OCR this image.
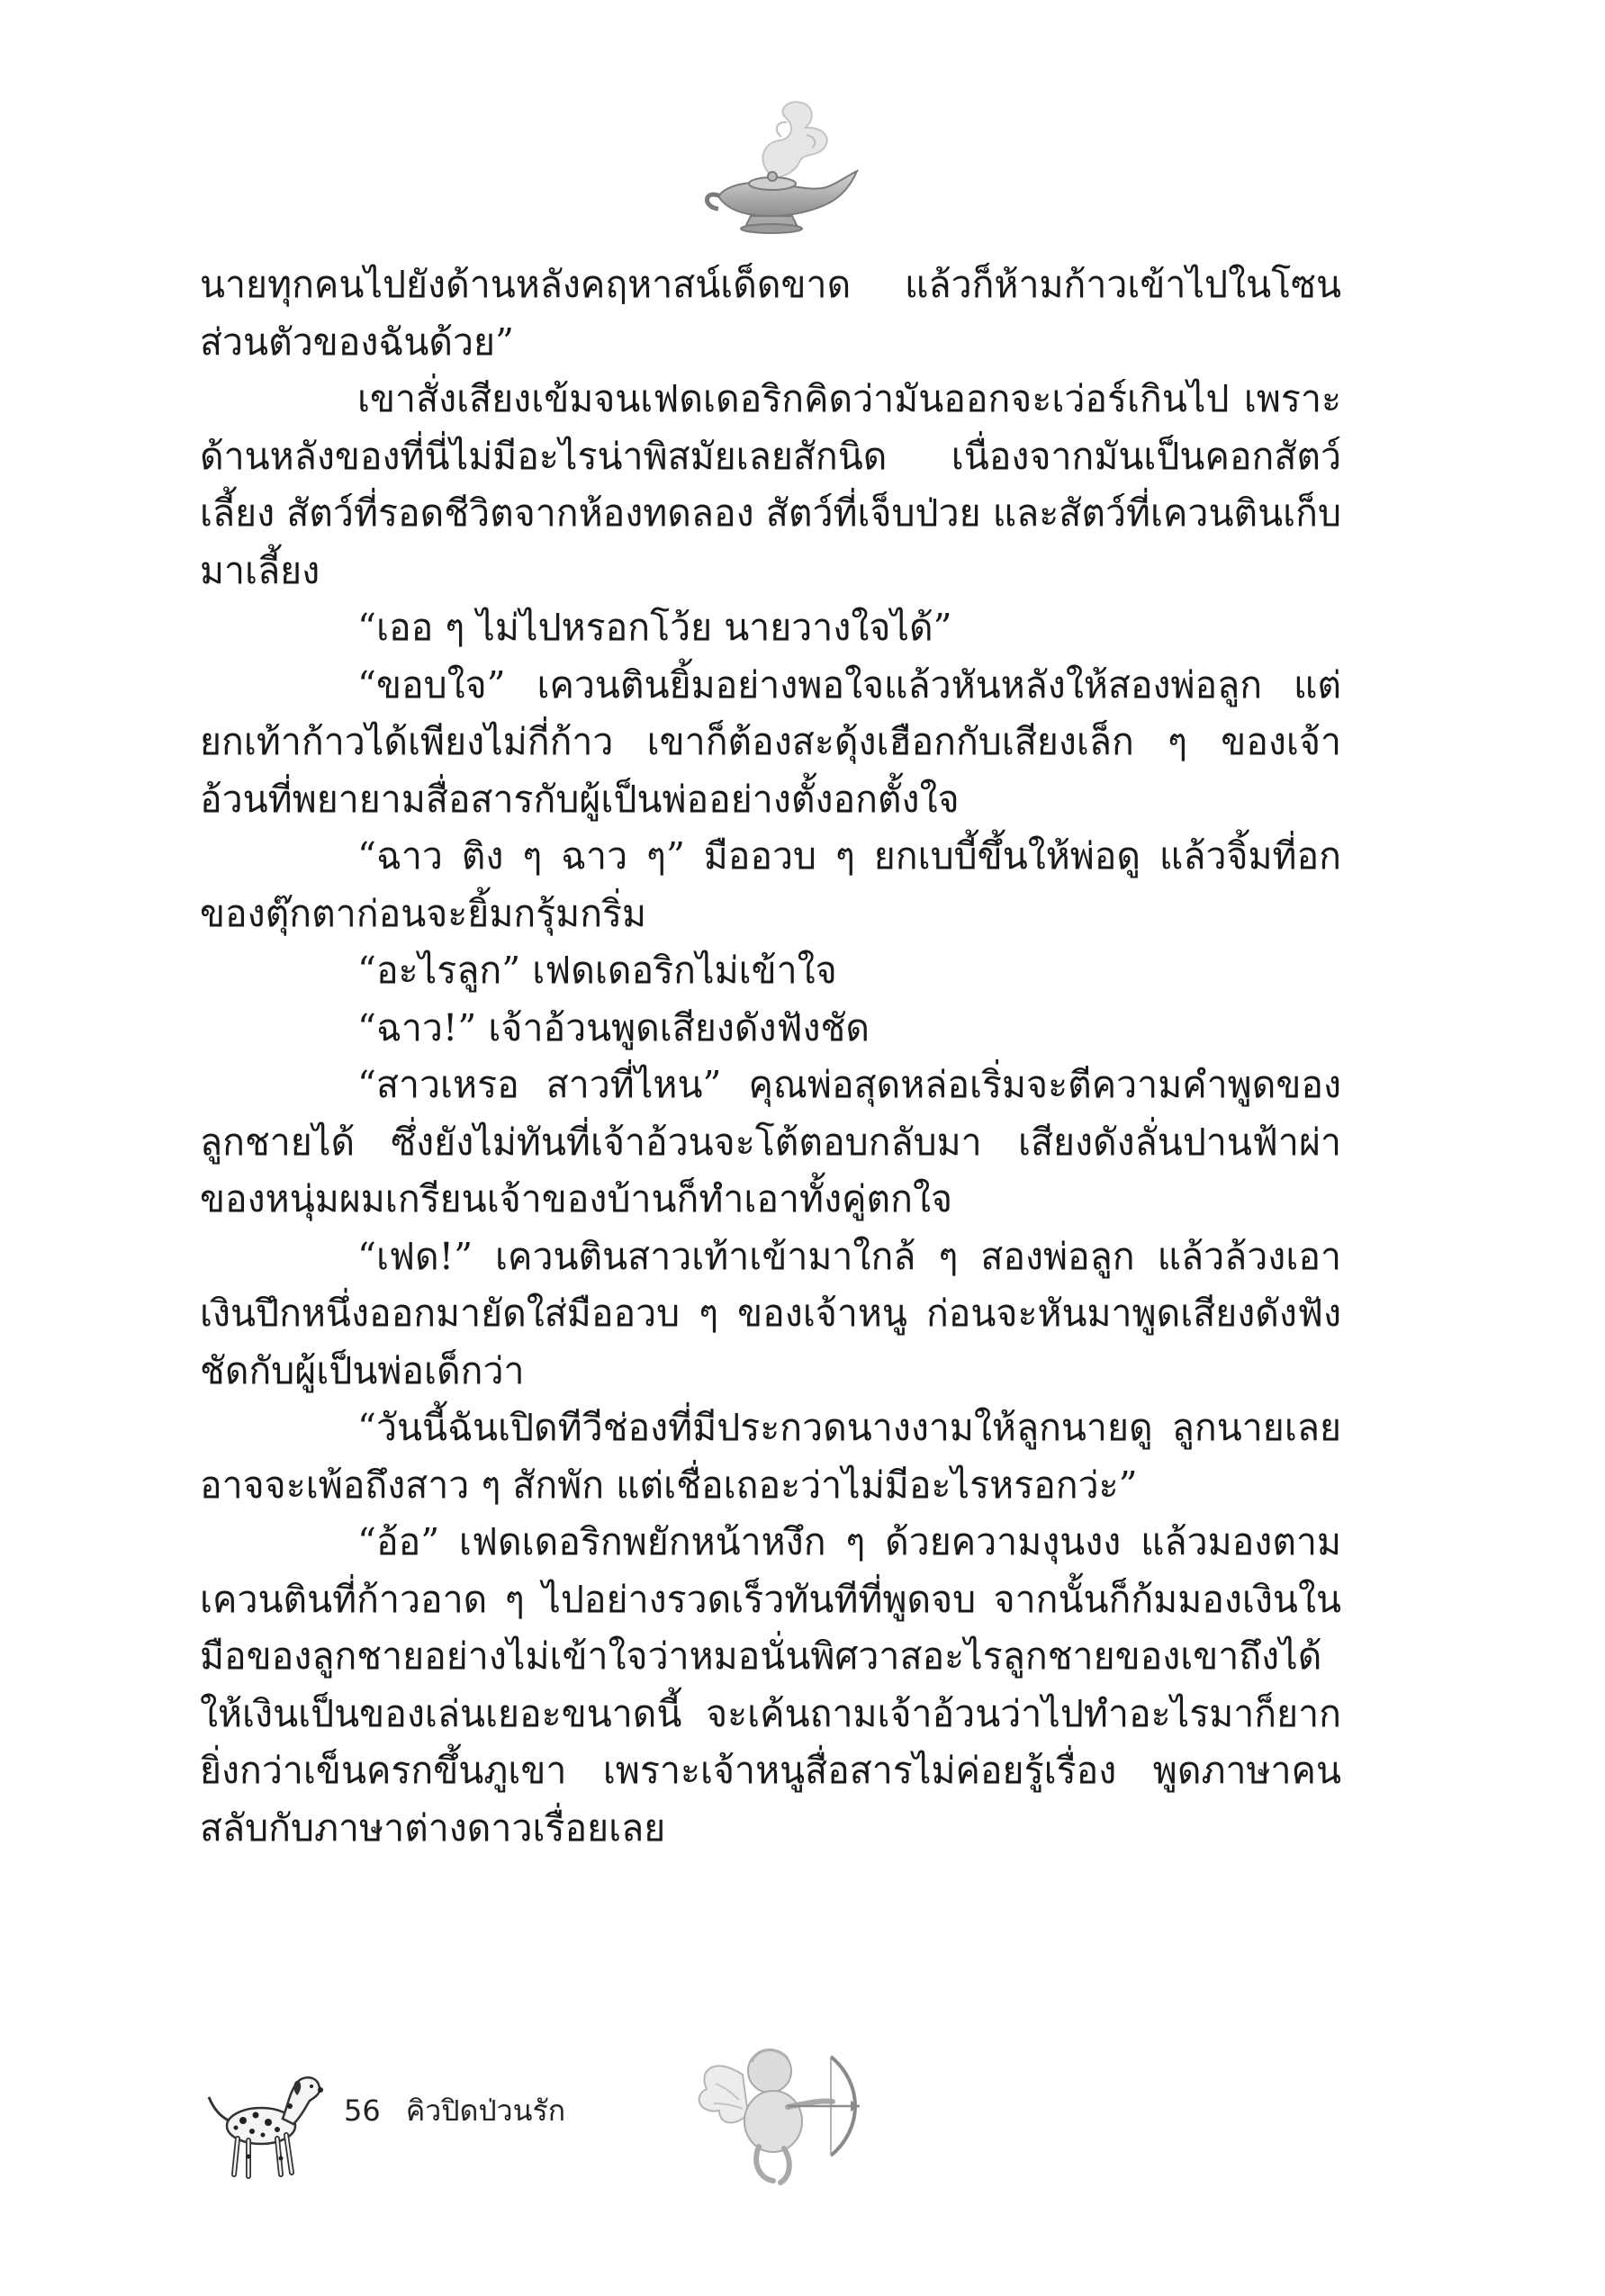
นายทุกคนไปยังด้านหลังคฤหาสน์เด็ดขาด แล้วก็ห้ามก้าวเข้าไปในโซนส่วนตัวของฉันด้วย”

เขาสั่งเสียงเข้มจนเฟดเดอริกคิดว่ามันออกจะเว่อร์เกินไป เพราะด้านหลังของที่นี่ไม่มีอะไรน่าพิสมัยเลยสักนิด เนื่องจากมันเป็นคอกสัตว์เลี้ยง สัตว์ที่รอดชีวิตจากห้องทดลอง สัตว์ที่เจ็บป่วย และสัตว์ที่เควนตินเก็บมาเลี้ยง

“เออ ๆ ไม่ไปหรอกโว้ย นายวางใจได้”

“ขอบใจ” เควนตินยิ้มอย่างพอใจแล้วหันหลังให้สองพ่อลูก แต่ยกเท้าก้าวได้เพียงไม่กี่ก้าว เขาก็ต้องสะดุ้งเฮือกกับเสียงเล็ก ๆ ของเจ้าอ้วนที่พยายามสื่อสารกับผู้เป็นพ่ออย่างตั้งอกตั้งใจ

“ฉาว ติง ๆ ฉาว ๆ” มืออวบ ๆ ยกเบบี้ขึ้นให้พ่อดู แล้วจิ้มที่อกของตุ๊กตาก่อนจะยิ้มกรุ้มกริ่ม

“อะไรลูก” เฟดเดอริกไม่เข้าใจ

“ฉาว!” เจ้าอ้วนพูดเสียงดังฟังชัด

“สาวเหรอ สาวที่ไหน” คุณพ่อสุดหล่อเริ่มจะตีความคำพูดของลูกชายได้ ซึ่งยังไม่ทันที่เจ้าอ้วนจะโต้ตอบกลับมา เสียงดังลั่นปานฟ้าผ่าของหนุ่มผมเกรียนเจ้าของบ้านก็ทำเอาทั้งคู่ตกใจ

“เฟด!” เควนตินสาวเท้าเข้ามาใกล้ ๆ สองพ่อลูก แล้วล้วงเอาเงินปึกหนึ่งออกมายัดใส่มืออวบ ๆ ของเจ้าหนู ก่อนจะหันมาพูดเสียงดังฟังชัดกับผู้เป็นพ่อเด็กว่า

“วันนี้ฉันเปิดทีวีช่องที่มีประกวดนางงามให้ลูกนายดู ลูกนายเลยอาจจะเพ้อถึงสาว ๆ สักพัก แต่เชื่อเถอะว่าไม่มีอะไรหรอกว่ะ”

“อ้อ” เฟดเดอริกพยักหน้าหงึก ๆ ด้วยความงุนงง แล้วมองตามเควนตินที่ก้าวอาด ๆ ไปอย่างรวดเร็วทันทีที่พูดจบ จากนั้นก็ก้มมองเงินในมือของลูกชายอย่างไม่เข้าใจว่าหมอนั่นพิศวาสอะไรลูกชายของเขาถึงได้ให้เงินเป็นของเล่นเยอะขนาดนี้ จะเค้นถามเจ้าอ้วนว่าไปทำอะไรมาก็ยากยิ่งกว่าเข็นครกขึ้นภูเขา เพราะเจ้าหนูสื่อสารไม่ค่อยรู้เรื่อง พูดภาษาคนสลับกับภาษาต่างดาวเรื่อยเลย

56 คิวปิดป่วนรัก
